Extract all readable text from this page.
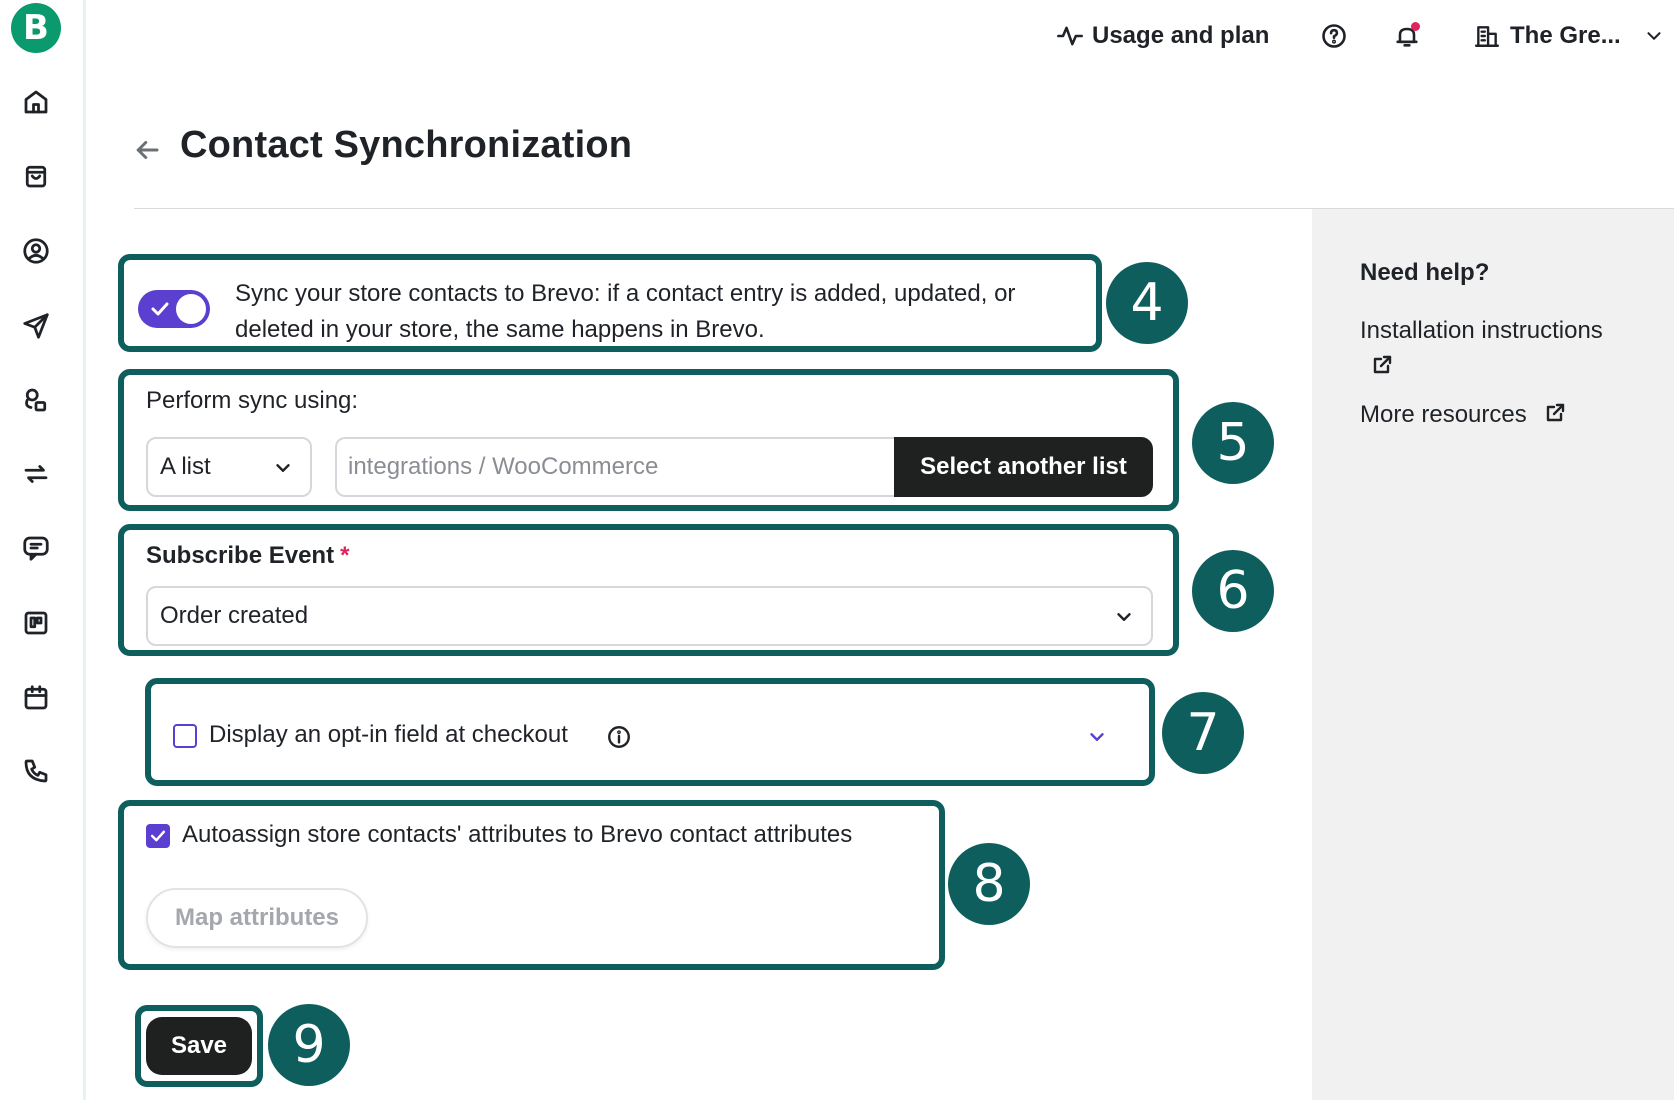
B	Usage and plan	The Gre...
Contact Synchronization
Sync your store contacts to Brevo: if a contact entry is added, updated, or deleted in your store, the same happens in Brevo.	4
Perform sync using:
A list	integrations / WooCommerce	Select another list	5
Subscribe Event *
Order created	6
Display an opt-in field at checkout	7
Autoassign store contacts' attributes to Brevo contact attributes
Map attributes
8
Save	9
Need help?
Installation instructions

More resources
